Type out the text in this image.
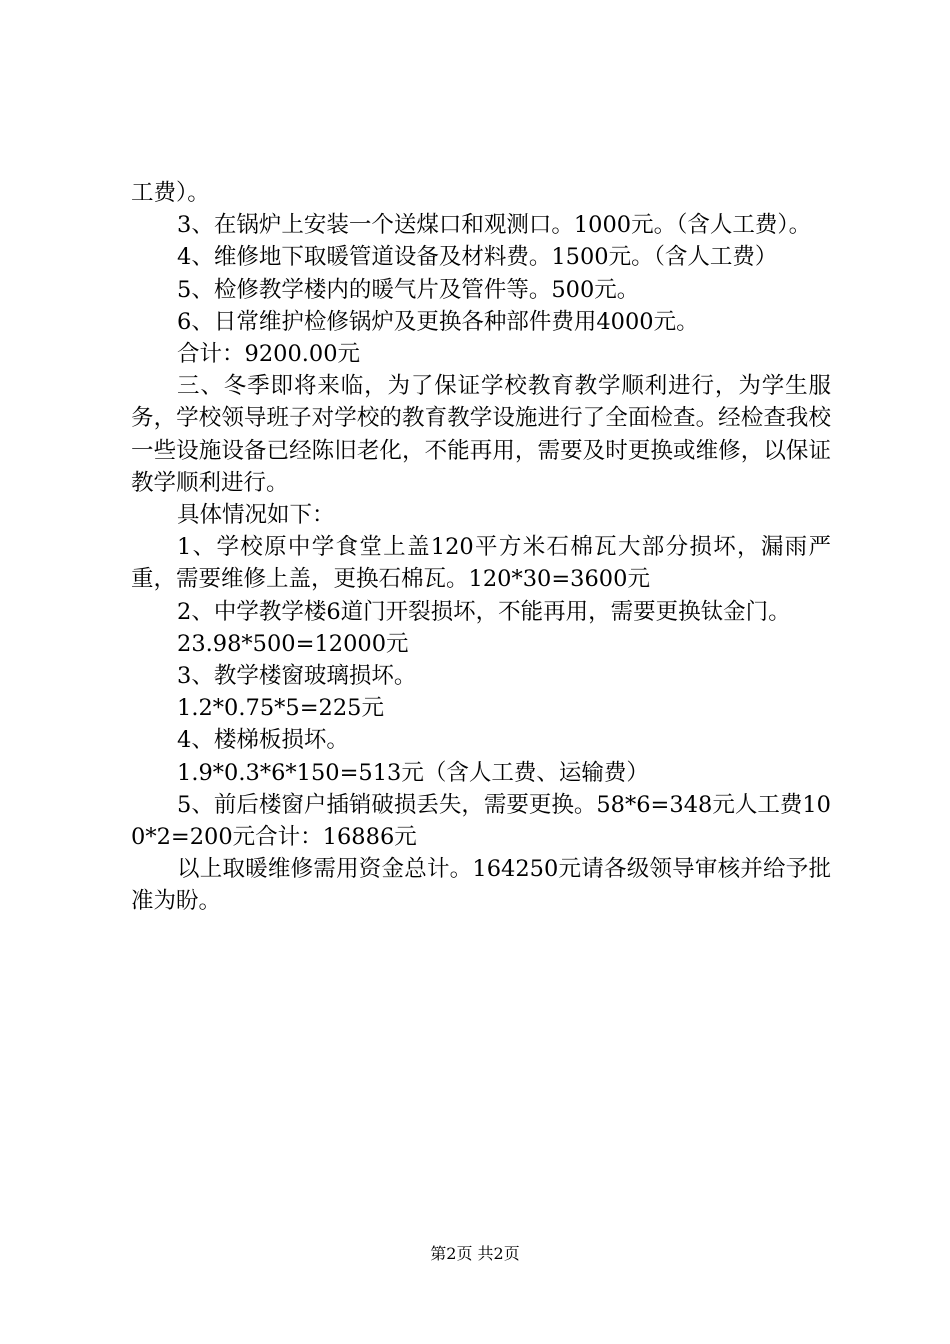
工费）。

3、在锅炉上安装一个送煤口和观测口。1000元。（含人工费）。

4、维修地下取暖管道设备及材料费。1500元。（含人工费）

5、检修教学楼内的暖气片及管件等。500元。

6、日常维护检修锅炉及更换各种部件费用4000元。

合计：9200.00元

三、冬季即将来临，为了保证学校教育教学顺利进行，为学生服务，学校领导班子对学校的教育教学设施进行了全面检查。经检查我校一些设施设备已经陈旧老化，不能再用，需要及时更换或维修，以保证教学顺利进行。

具体情况如下：

1、学校原中学食堂上盖120平方米石棉瓦大部分损坏，漏雨严重，需要维修上盖，更换石棉瓦。120*30=3600元

2、中学教学楼6道门开裂损坏，不能再用，需要更换钛金门。

23.98*500=12000元

3、教学楼窗玻璃损坏。

1.2*0.75*5=225元

4、楼梯板损坏。

1.9*0.3*6*150=513元（含人工费、运输费）

5、前后楼窗户插销破损丢失，需要更换。58*6=348元人工费100*2=200元合计：16886元

以上取暖维修需用资金总计。164250元请各级领导审核并给予批准为盼。

第2页 共2页
